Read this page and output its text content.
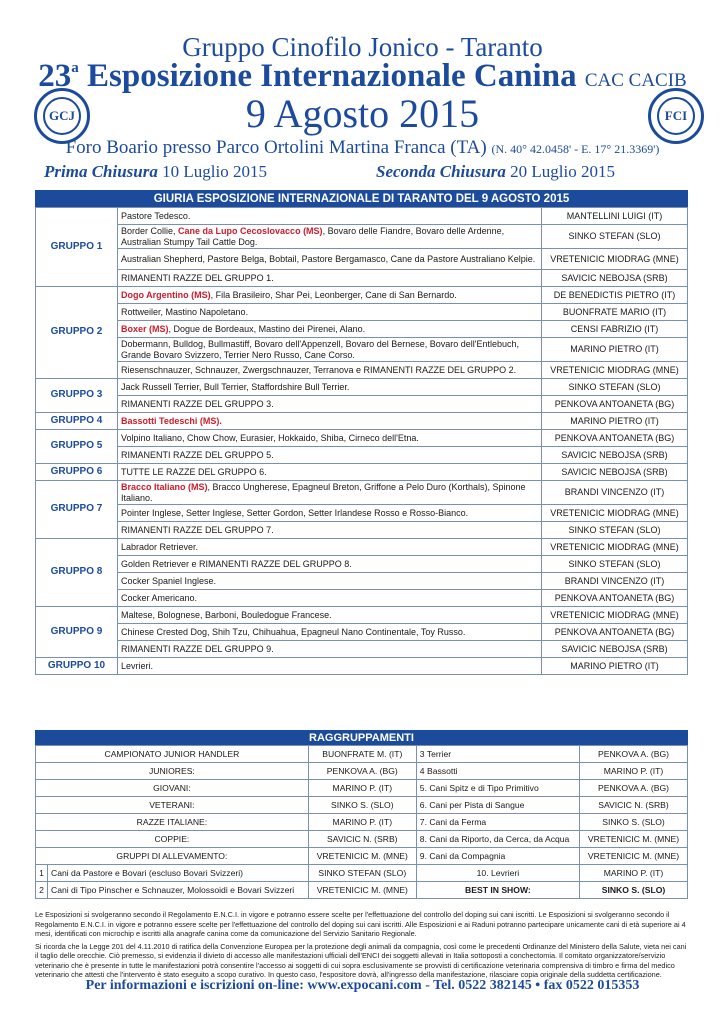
GCJ	FCI
Gruppo Cinofilo Jonico - Taranto
23$^a$ Esposizione Internazionale Canina CAC CACIB
9 Agosto 2015
Foro Boario presso Parco Ortolini Martina Franca (TA) (N. 40° 42.0458' - E. 17° 21.3369')
Prima Chiusura 10 Luglio 2015	Seconda Chiusura 20 Luglio 2015
GIURIA ESPOSIZIONE INTERNAZIONALE DI TARANTO DEL 9 AGOSTO 2015
GRUPPO 1	Pastore Tedesco.	MANTELLINI LUIGI (IT)
	Border Collie, Cane da Lupo Cecoslovacco (MS), Bovaro delle Fiandre, Bovaro delle Ardenne, Australian Stumpy Tail Cattle Dog.	SINKO STEFAN (SLO)
	Australian Shepherd, Pastore Belga, Bobtail, Pastore Bergamasco, Cane da Pastore Australiano Kelpie.	VRETENICIC MIODRAG (MNE)
	RIMANENTI RAZZE DEL GRUPPO 1.	SAVICIC NEBOJSA (SRB)
GRUPPO 2	Dogo Argentino (MS), Fila Brasileiro, Shar Pei, Leonberger, Cane di San Bernardo.	DE BENEDICTIS PIETRO (IT)
	Rottweiler, Mastino Napoletano.	BUONFRATE MARIO (IT)
	Boxer (MS), Dogue de Bordeaux, Mastino dei Pirenei, Alano.	CENSI FABRIZIO (IT)
	Dobermann, Bulldog, Bullmastiff, Bovaro dell'Appenzell, Bovaro del Bernese, Bovaro dell'Entlebuch, Grande Bovaro Svizzero, Terrier Nero Russo, Cane Corso.	MARINO PIETRO (IT)
	Riesenschnauzer, Schnauzer, Zwergschnauzer, Terranova e RIMANENTI RAZZE DEL GRUPPO 2.	VRETENICIC MIODRAG (MNE)
GRUPPO 3	Jack Russell Terrier, Bull Terrier, Staffordshire Bull Terrier.	SINKO STEFAN (SLO)
	RIMANENTI RAZZE DEL GRUPPO 3.	PENKOVA ANTOANETA (BG)
GRUPPO 4	Bassotti Tedeschi (MS).	MARINO PIETRO (IT)
GRUPPO 5	Volpino Italiano, Chow Chow, Eurasier, Hokkaido, Shiba, Cirneco dell'Etna.	PENKOVA ANTOANETA (BG)
	RIMANENTI RAZZE DEL GRUPPO 5.	SAVICIC NEBOJSA (SRB)
GRUPPO 6	TUTTE LE RAZZE DEL GRUPPO 6.	SAVICIC NEBOJSA (SRB)
GRUPPO 7	Bracco Italiano (MS), Bracco Ungherese, Epagneul Breton, Griffone a Pelo Duro (Korthals), Spinone Italiano.	BRANDI VINCENZO (IT)
	Pointer Inglese, Setter Inglese, Setter Gordon, Setter Irlandese Rosso e Rosso-Bianco.	VRETENICIC MIODRAG (MNE)
	RIMANENTI RAZZE DEL GRUPPO 7.	SINKO STEFAN (SLO)
GRUPPO 8	Labrador Retriever.	VRETENICIC MIODRAG (MNE)
	Golden Retriever e RIMANENTI RAZZE DEL GRUPPO 8.	SINKO STEFAN (SLO)
	Cocker Spaniel Inglese.	BRANDI VINCENZO (IT)
	Cocker Americano.	PENKOVA ANTOANETA (BG)
GRUPPO 9	Maltese, Bolognese, Barboni, Bouledogue Francese.	VRETENICIC MIODRAG (MNE)
	Chinese Crested Dog, Shih Tzu, Chihuahua, Epagneul Nano Continentale, Toy Russo.	PENKOVA ANTOANETA (BG)
	RIMANENTI RAZZE DEL GRUPPO 9.	SAVICIC NEBOJSA (SRB)
GRUPPO 10	Levrieri.	MARINO PIETRO (IT)
RAGGRUPPAMENTI
CAMPIONATO JUNIOR HANDLER		BUONFRATE M. (IT)	3 Terrier	PENKOVA A. (BG)
JUNIORES:		PENKOVA A. (BG)	4 Bassotti	MARINO P. (IT)
GIOVANI:		MARINO P. (IT)	5. Cani Spitz e di Tipo Primitivo	PENKOVA A. (BG)
VETERANI:		SINKO S. (SLO)	6. Cani per Pista di Sangue	SAVICIC N. (SRB)
RAZZE ITALIANE:		MARINO P. (IT)	7. Cani da Ferma	SINKO S. (SLO)
COPPIE:		SAVICIC N. (SRB)	8. Cani da Riporto, da Cerca, da Acqua	VRETENICIC M. (MNE)
GRUPPI DI ALLEVAMENTO:		VRETENICIC M. (MNE)	9. Cani da Compagnia	VRETENICIC M. (MNE)
1	Cani da Pastore e Bovari (escluso Bovari Svizzeri)	SINKO STEFAN (SLO)	10. Levrieri	MARINO P. (IT)
2	Cani di Tipo Pinscher e Schnauzer, Molossoidi e Bovari Svizzeri	VRETENICIC M. (MNE)	BEST IN SHOW:	SINKO S. (SLO)

Le Esposizioni si svolgeranno secondo il Regolamento E.N.C.I. in vigore e potranno essere scelte per l'effettuazione del controllo del doping sui cani iscritti. Le Esposizioni si svolgeranno secondo il Regolamento E.N.C.I. in vigore e potranno essere scelte per l'effettuazione del controllo del doping sui cani iscritti. Alle Esposizioni e ai Raduni potranno partecipare unicamente cani di età superiore ai 4 mesi, identificati con microchip e iscritti alla anagrafe canina come da comunicazione del Servizio Sanitario Regionale.

Si ricorda che la Legge 201 del 4.11.2010 di ratifica della Convenzione Europea per la protezione degli animali da compagnia, così come le precedenti Ordinanze del Ministero della Salute, vieta nei cani il taglio delle orecchie. Ciò premesso, si evidenzia il divieto di accesso alle manifestazioni ufficiali dell'ENCI dei soggetti allevati in Italia sottoposti a conchectomia. Il comitato organizzatore/servizio veterinario che è presente in tutte le manifestazioni potrà consentire l'accesso ai soggetti di cui sopra esclusivamente se provvisti di certificazione veterinaria comprensiva di timbro e firma del medico veterinario che attesti che l'intervento è stato eseguito a scopo curativo. In questo caso, l'espositore dovrà, all'ingresso della manifestazione, rilasciare copia originale della suddetta certificazione.

Per informazioni e iscrizioni on-line: www.expocani.com - Tel. 0522 382145 • fax 0522 015353
